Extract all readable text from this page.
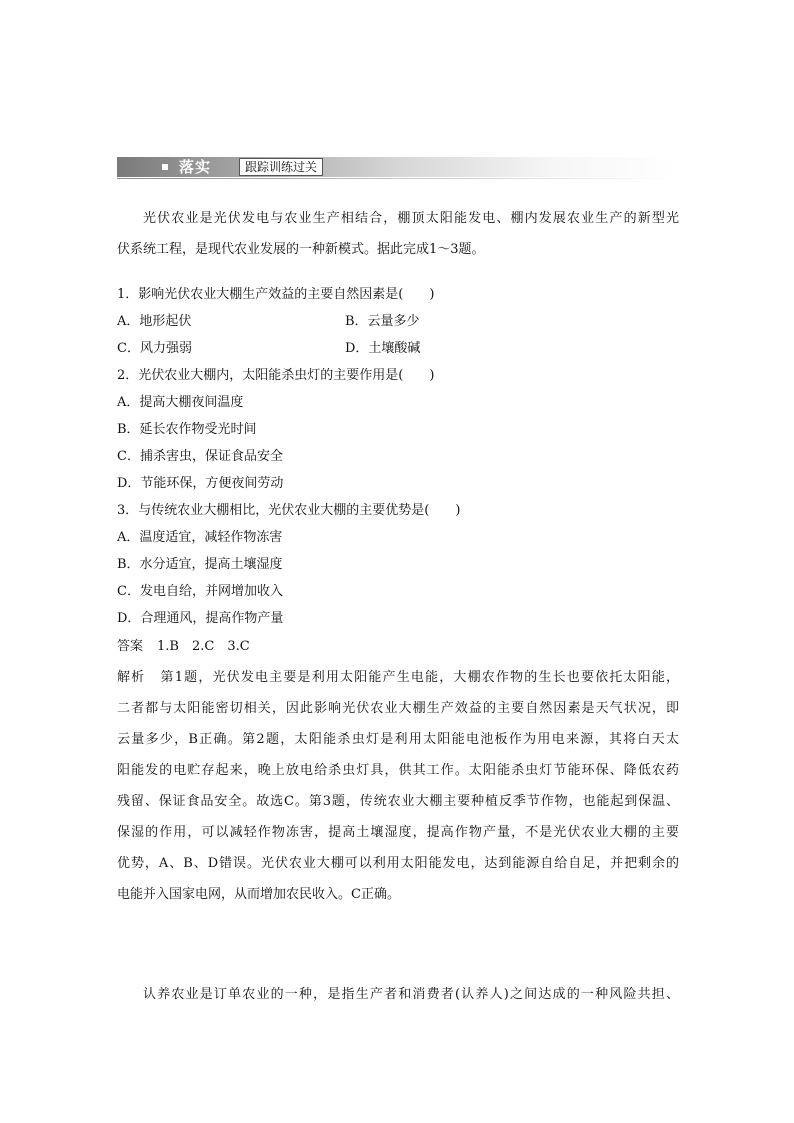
落实	跟踪训练过关
光伏农业是光伏发电与农业生产相结合，棚顶太阳能发电、棚内发展农业生产的新型光
伏系统工程，是现代农业发展的一种新模式。据此完成1～3题。
1．影响光伏农业大棚生产效益的主要自然因素是(　　)
A．地形起伏	B．云量多少
C．风力强弱	D．土壤酸碱
2．光伏农业大棚内，太阳能杀虫灯的主要作用是(　　)
A．提高大棚夜间温度
B．延长农作物受光时间
C．捕杀害虫，保证食品安全
D．节能环保，方便夜间劳动
3．与传统农业大棚相比，光伏农业大棚的主要优势是(　　)
A．温度适宜，减轻作物冻害
B．水分适宜，提高土壤湿度
C．发电自给，并网增加收入
D．合理通风，提高作物产量
答案 1.B　2.C　3.C
解析 第1题，光伏发电主要是利用太阳能产生电能，大棚农作物的生长也要依托太阳能，
二者都与太阳能密切相关，因此影响光伏农业大棚生产效益的主要自然因素是天气状况，即
云量多少，B正确。第2题，太阳能杀虫灯是利用太阳能电池板作为用电来源，其将白天太
阳能发的电贮存起来，晚上放电给杀虫灯具，供其工作。太阳能杀虫灯节能环保、降低农药
残留、保证食品安全。故选C。第3题，传统农业大棚主要种植反季节作物，也能起到保温、
保湿的作用，可以减轻作物冻害，提高土壤湿度，提高作物产量，不是光伏农业大棚的主要
优势，A、B、D错误。光伏农业大棚可以利用太阳能发电，达到能源自给自足，并把剩余的
电能并入国家电网，从而增加农民收入。C正确。
认养农业是订单农业的一种，是指生产者和消费者(认养人)之间达成的一种风险共担、
